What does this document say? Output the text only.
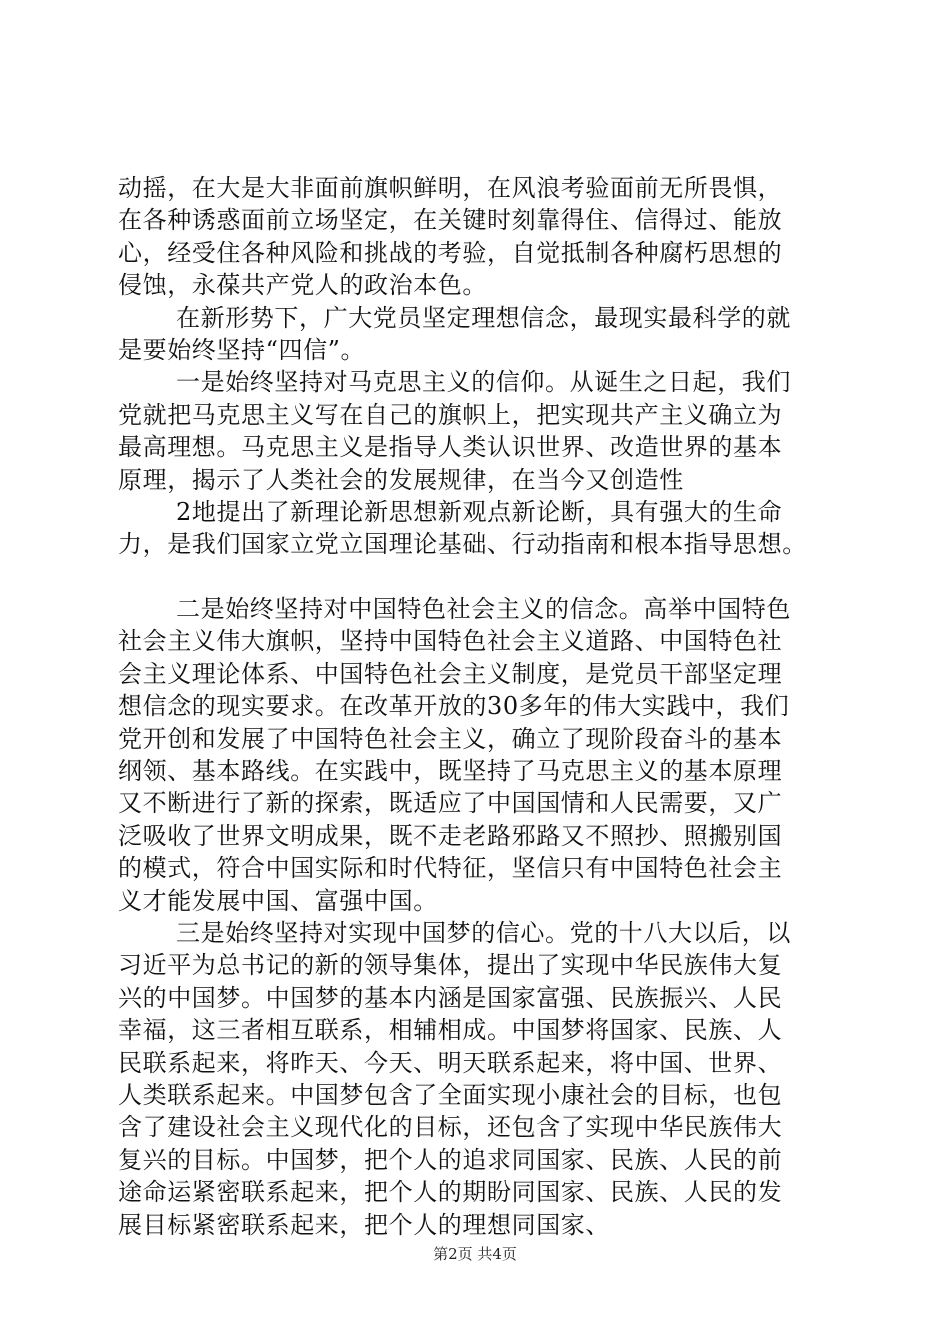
动摇，在大是大非面前旗帜鲜明，在风浪考验面前无所畏惧，
在各种诱惑面前立场坚定，在关键时刻靠得住、信得过、能放
心，经受住各种风险和挑战的考验，自觉抵制各种腐朽思想的
侵蚀，永葆共产党人的政治本色。
在新形势下，广大党员坚定理想信念，最现实最科学的就
是要始终坚持“四信”。
一是始终坚持对马克思主义的信仰。从诞生之日起，我们
党就把马克思主义写在自己的旗帜上，把实现共产主义确立为
最高理想。马克思主义是指导人类认识世界、改造世界的基本
原理，揭示了人类社会的发展规律，在当今又创造性
2地提出了新理论新思想新观点新论断，具有强大的生命
力，是我们国家立党立国理论基础、行动指南和根本指导思想。
二是始终坚持对中国特色社会主义的信念。高举中国特色
社会主义伟大旗帜，坚持中国特色社会主义道路、中国特色社
会主义理论体系、中国特色社会主义制度，是党员干部坚定理
想信念的现实要求。在改革开放的30多年的伟大实践中，我们
党开创和发展了中国特色社会主义，确立了现阶段奋斗的基本
纲领、基本路线。在实践中，既坚持了马克思主义的基本原理
又不断进行了新的探索，既适应了中国国情和人民需要，又广
泛吸收了世界文明成果，既不走老路邪路又不照抄、照搬别国
的模式，符合中国实际和时代特征，坚信只有中国特色社会主
义才能发展中国、富强中国。
三是始终坚持对实现中国梦的信心。党的十八大以后，以
习近平为总书记的新的领导集体，提出了实现中华民族伟大复
兴的中国梦。中国梦的基本内涵是国家富强、民族振兴、人民
幸福，这三者相互联系，相辅相成。中国梦将国家、民族、人
民联系起来，将昨天、今天、明天联系起来，将中国、世界、
人类联系起来。中国梦包含了全面实现小康社会的目标，也包
含了建设社会主义现代化的目标，还包含了实现中华民族伟大
复兴的目标。中国梦，把个人的追求同国家、民族、人民的前
途命运紧密联系起来，把个人的期盼同国家、民族、人民的发
展目标紧密联系起来，把个人的理想同国家、
第2页 共4页
